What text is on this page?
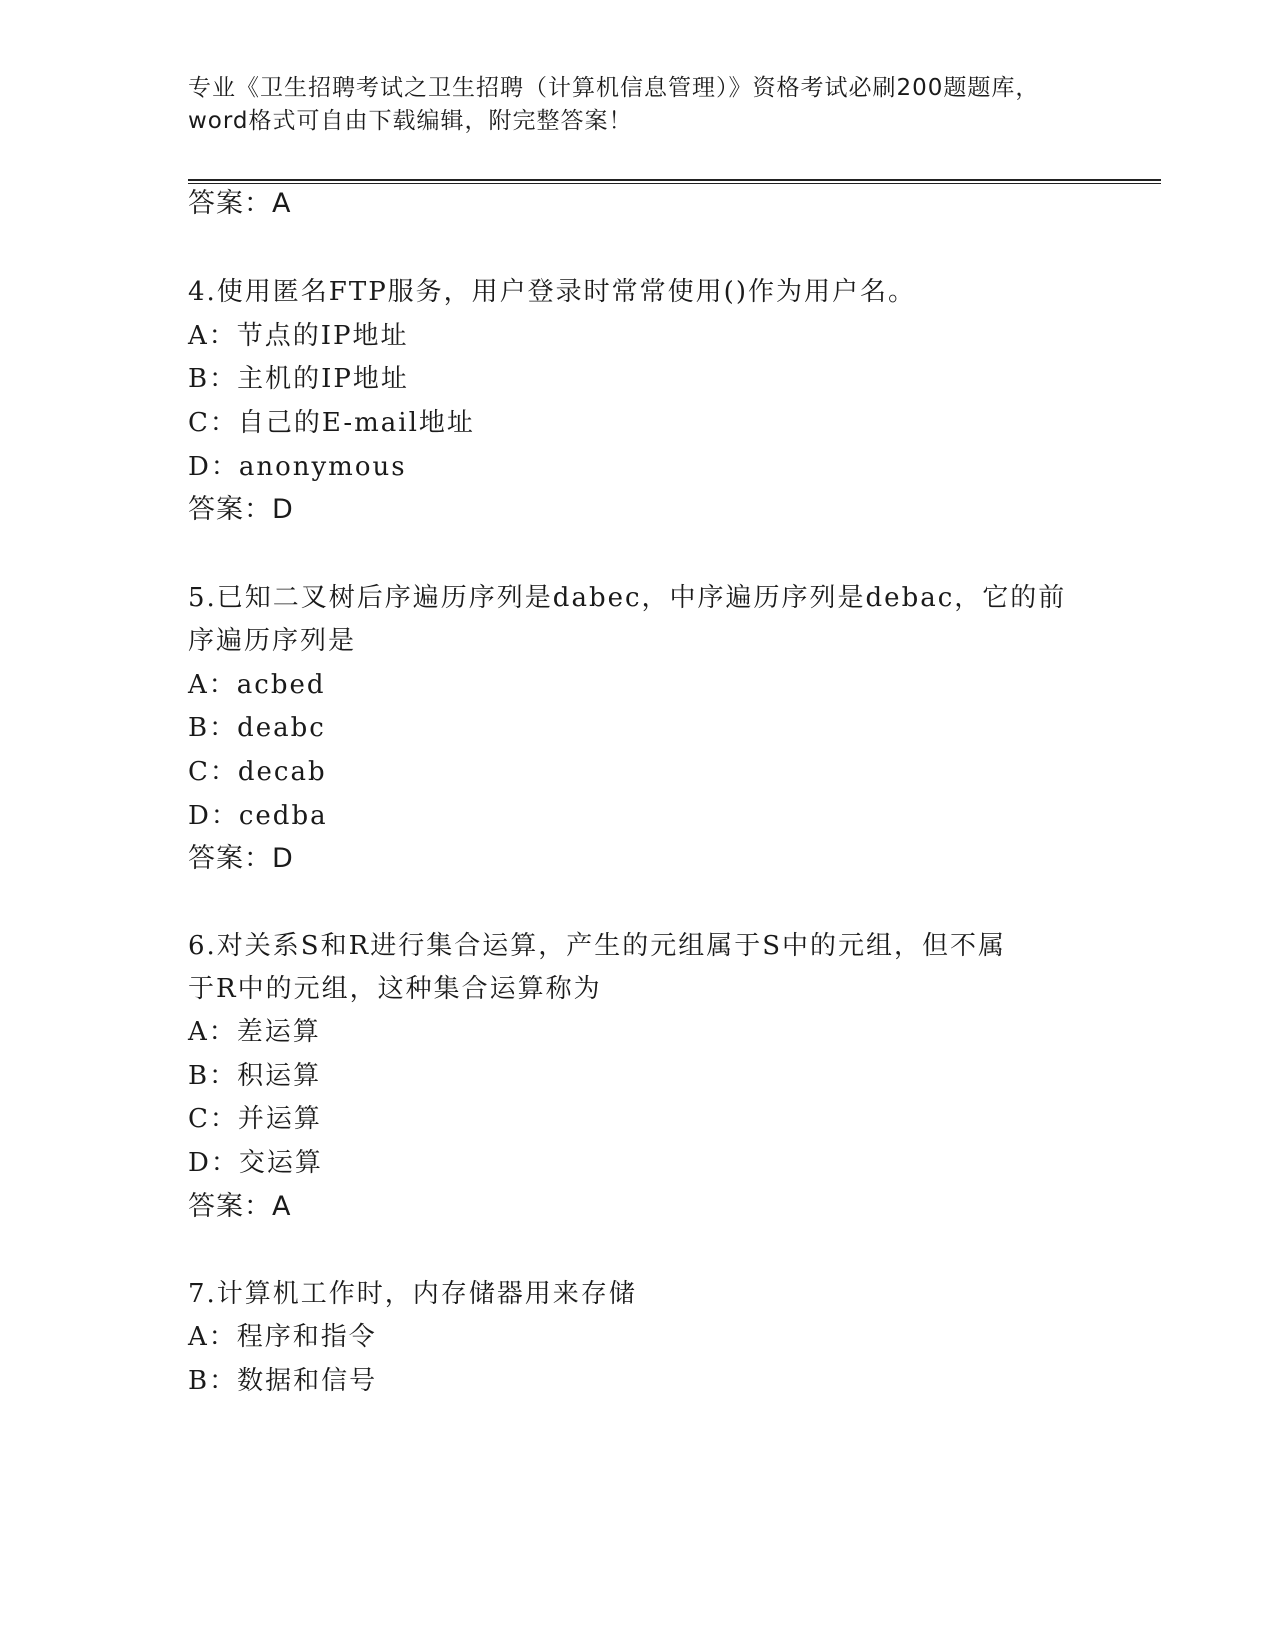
专业《卫生招聘考试之卫生招聘（计算机信息管理）》资格考试必刷200题题库，
word格式可自由下载编辑，附完整答案！
答案：A
4.使用匿名FTP服务，用户登录时常常使用()作为用户名。
A：节点的IP地址
B：主机的IP地址
C：自己的E-mail地址
D：anonymous
答案：D
5.已知二叉树后序遍历序列是dabec，中序遍历序列是debac，它的前
序遍历序列是
A：acbed
B：deabc
C：decab
D：cedba
答案：D
6.对关系S和R进行集合运算，产生的元组属于S中的元组，但不属
于R中的元组，这种集合运算称为
A：差运算
B：积运算
C：并运算
D：交运算
答案：A
7.计算机工作时，内存储器用来存储
A：程序和指令
B：数据和信号
